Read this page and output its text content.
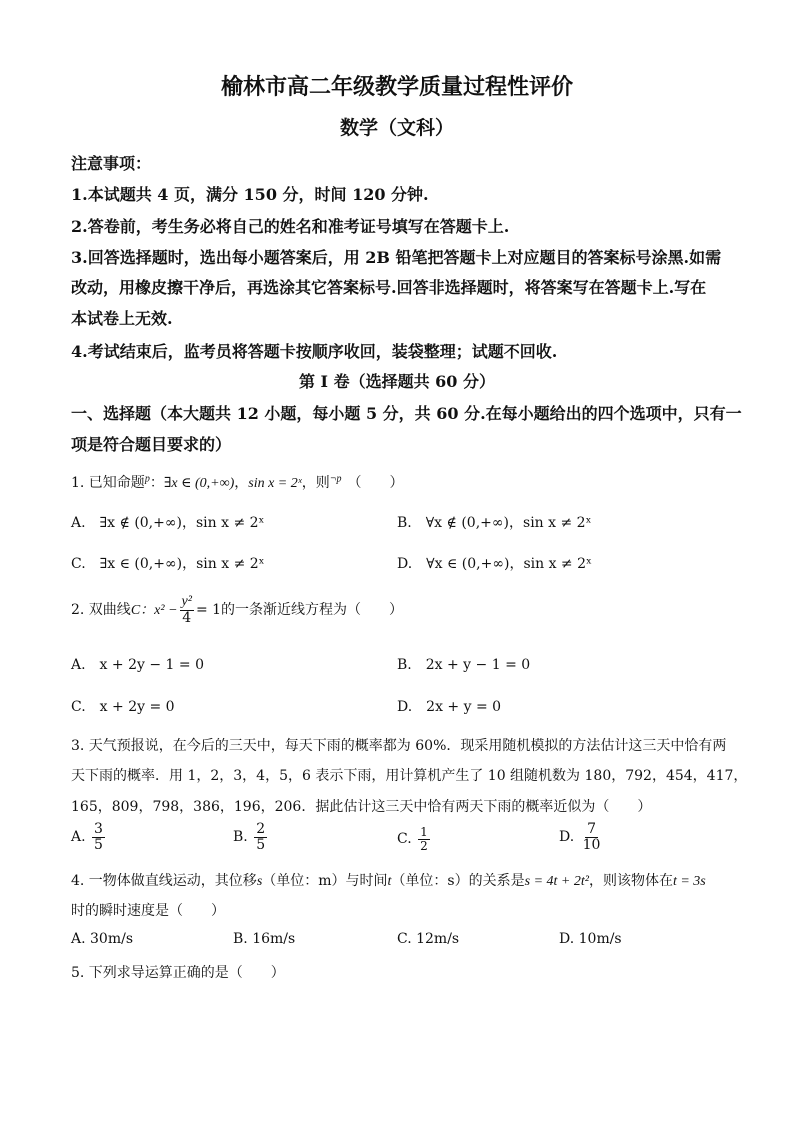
榆林市高二年级教学质量过程性评价
数学（文科）
注意事项：
1.本试题共 4 页，满分 150 分，时间 120 分钟.
2.答卷前，考生务必将自己的姓名和准考证号填写在答题卡上.
3.回答选择题时，选出每小题答案后，用 2B 铅笔把答题卡上对应题目的答案标号涂黑.如需
改动，用橡皮擦干净后，再选涂其它答案标号.回答非选择题时，将答案写在答题卡上.写在
本试卷上无效.
4.考试结束后，监考员将答题卡按顺序收回，装袋整理；试题不回收.
第 I 卷（选择题共 60 分）
一、选择题（本大题共 12 小题，每小题 5 分，共 60 分.在每小题给出的四个选项中，只有一
项是符合题目要求的）
1. 已知命题$^p$：∃x ∈ (0,+∞)，sin x = 2ˣ，则$^{\neg p}$ （　　）
A.　∃x ∉ (0,+∞)，sin x ≠ 2ˣ	B.　∀x ∉ (0,+∞)，sin x ≠ 2ˣ
C.　∃x ∈ (0,+∞)，sin x ≠ 2ˣ	D.　∀x ∈ (0,+∞)，sin x ≠ 2ˣ
2. 双曲线C：$x^2 - \frac{\text{y²}}{4} = 1$的一条渐近线方程为（　　）
A.　x + 2y − 1 = 0	B.　2x + y − 1 = 0
C.　x + 2y = 0	D.　2x + y = 0
3. 天气预报说，在今后的三天中，每天下雨的概率都为 60%．现采用随机模拟的方法估计这三天中恰有两
天下雨的概率．用 1，2，3，4，5，6 表示下雨，用计算机产生了 10 组随机数为 180，792，454，417，
165，809，798，386，196，206．据此估计这三天中恰有两天下雨的概率近似为（　　）
A. $\frac{3}{5}$	B. $\frac{2}{5}$	C. $\frac{1}{2}$	D. $\frac{7}{10}$
4. 一物体做直线运动，其位移s（单位：m）与时间t（单位：s）的关系是s = 4t + 2t²，则该物体在t = 3s
时的瞬时速度是（　　）
A. 30m/s	B. 16m/s	C. 12m/s	D. 10m/s
5. 下列求导运算正确的是（　　）
